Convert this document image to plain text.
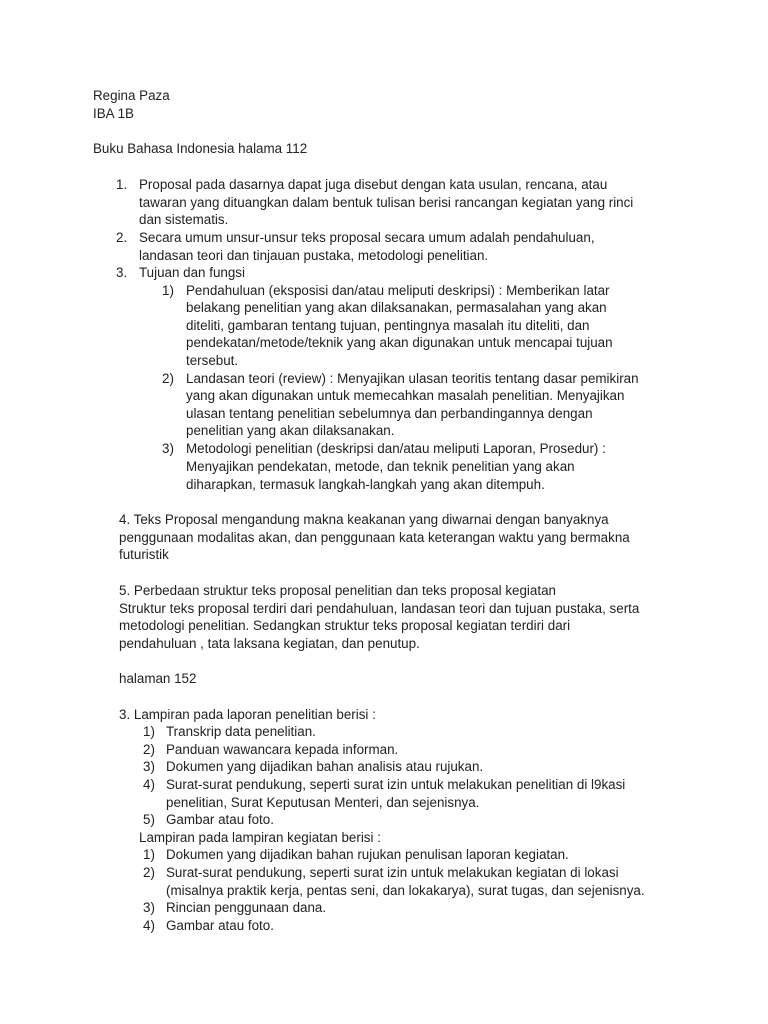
Regina Paza
IBA 1B
Buku Bahasa Indonesia halama 112
1. Proposal pada dasarnya dapat juga disebut dengan kata usulan, rencana, atau
tawaran yang dituangkan dalam bentuk tulisan berisi rancangan kegiatan yang rinci
dan sistematis.
2. Secara umum unsur-unsur teks proposal secara umum adalah pendahuluan,
landasan teori dan tinjauan pustaka, metodologi penelitian.
3. Tujuan dan fungsi
1) Pendahuluan (eksposisi dan/atau meliputi deskripsi) : Memberikan latar
belakang penelitian yang akan dilaksanakan, permasalahan yang akan
diteliti, gambaran tentang tujuan, pentingnya masalah itu diteliti, dan
pendekatan/metode/teknik yang akan digunakan untuk mencapai tujuan
tersebut.
2) Landasan teori (review) : Menyajikan ulasan teoritis tentang dasar pemikiran
yang akan digunakan untuk memecahkan masalah penelitian. Menyajikan
ulasan tentang penelitian sebelumnya dan perbandingannya dengan
penelitian yang akan dilaksanakan.
3) Metodologi penelitian (deskripsi dan/atau meliputi Laporan, Prosedur) :
Menyajikan pendekatan, metode, dan teknik penelitian yang akan
diharapkan, termasuk langkah-langkah yang akan ditempuh.
4. Teks Proposal mengandung makna keakanan yang diwarnai dengan banyaknya
penggunaan modalitas akan, dan penggunaan kata keterangan waktu yang bermakna
futuristik
5. Perbedaan struktur teks proposal penelitian dan teks proposal kegiatan
Struktur teks proposal terdiri dari pendahuluan, landasan teori dan tujuan pustaka, serta
metodologi penelitian. Sedangkan struktur teks proposal kegiatan terdiri dari
pendahuluan , tata laksana kegiatan, dan penutup.
halaman 152
3. Lampiran pada laporan penelitian berisi :
1) Transkrip data penelitian.
2) Panduan wawancara kepada informan.
3) Dokumen yang dijadikan bahan analisis atau rujukan.
4) Surat-surat pendukung, seperti surat izin untuk melakukan penelitian di l9kasi
penelitian, Surat Keputusan Menteri, dan sejenisnya.
5) Gambar atau foto.
Lampiran pada lampiran kegiatan berisi :
1) Dokumen yang dijadikan bahan rujukan penulisan laporan kegiatan.
2) Surat-surat pendukung, seperti surat izin untuk melakukan kegiatan di lokasi
(misalnya praktik kerja, pentas seni, dan lokakarya), surat tugas, dan sejenisnya.
3) Rincian penggunaan dana.
4) Gambar atau foto.
